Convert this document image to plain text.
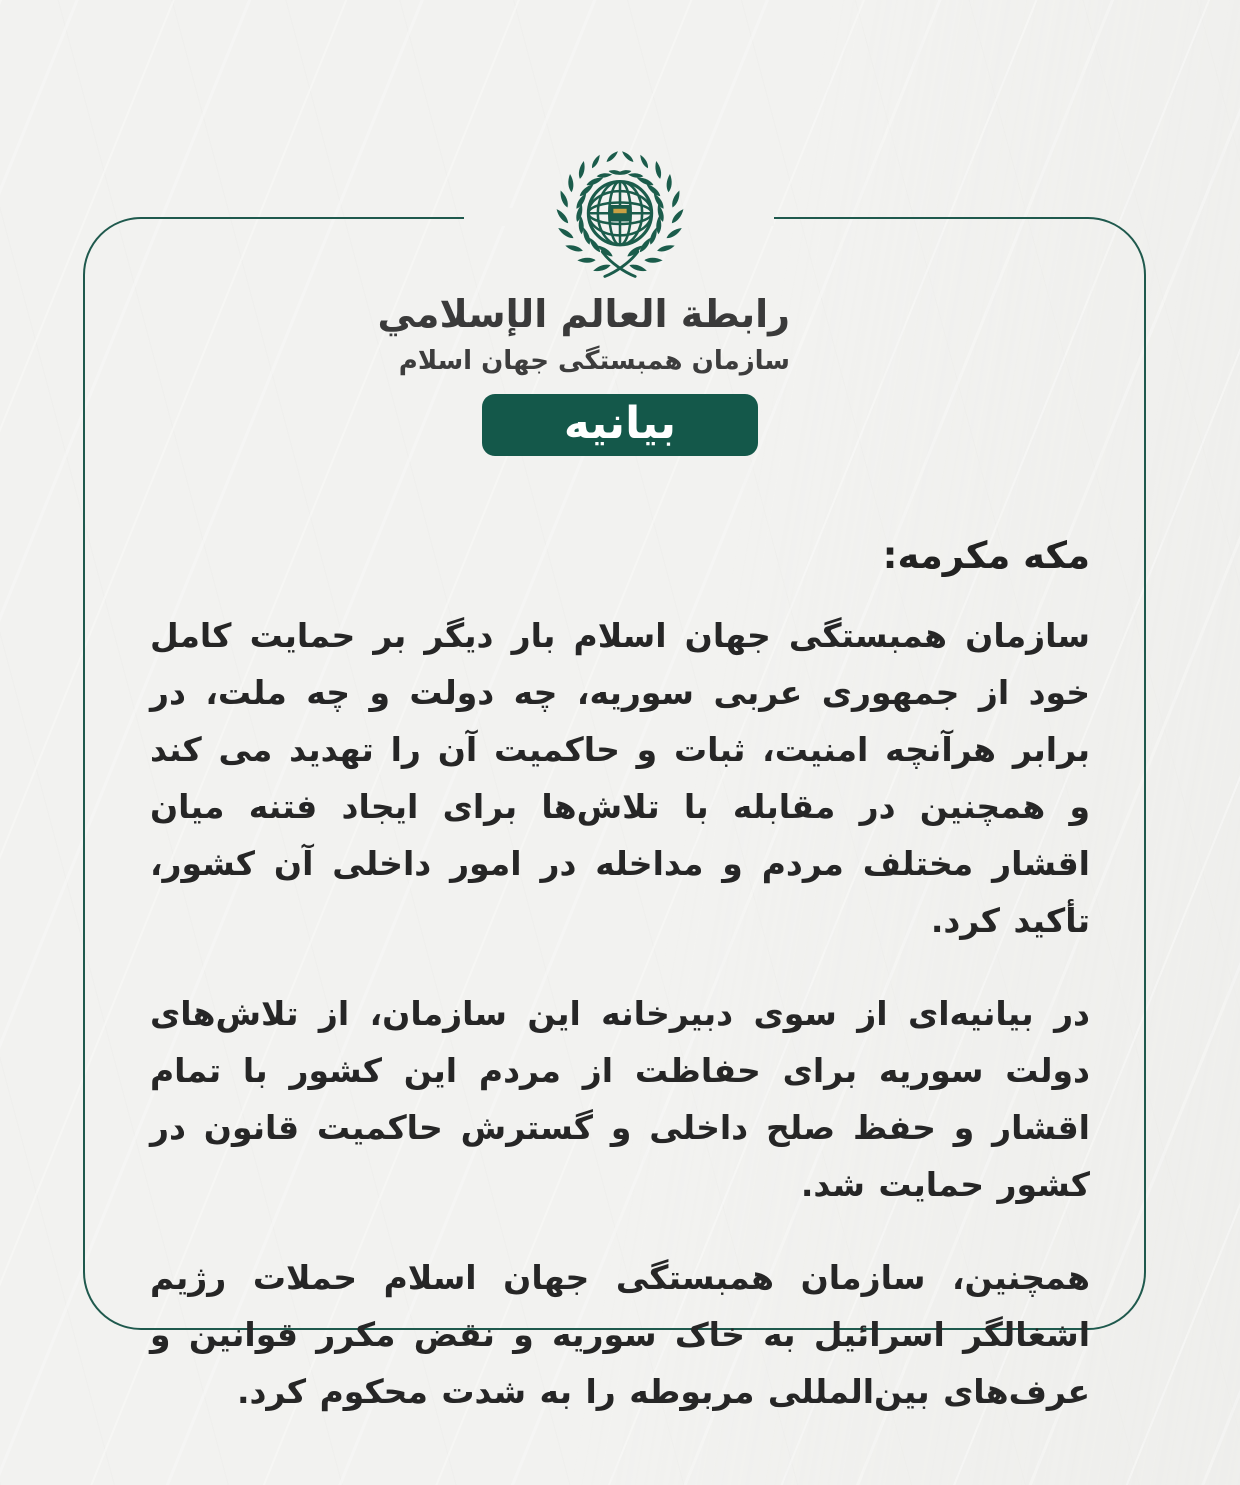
رابطة العالم الإسلامي
سازمان همبستگی جهان اسلام
بیانیه
مکه مکرمه:

سازمان همبستگی جهان اسلام بار دیگر بر حمایت کامل خود از جمهوری عربی سوریه، چه دولت و چه ملت، در برابر هرآنچه امنیت، ثبات و حاکمیت آن را تهدید می کند و همچنین در مقابله با تلاش‌ها برای ایجاد فتنه میان اقشار مختلف مردم و مداخله در امور داخلی آن کشور، تأکید کرد.

در بیانیه‌ای از سوی دبیرخانه این سازمان، از تلاش‌های دولت سوریه برای حفاظت از مردم این کشور با تمام اقشار و حفظ صلح داخلی و گسترش حاکمیت قانون در کشور حمایت شد.

همچنین، سازمان همبستگی جهان اسلام حملات رژیم اشغالگر اسرائیل به خاک سوریه و نقض مکرر قوانین و عرف‌های بین‌المللی مربوطه را به شدت محکوم کرد.
